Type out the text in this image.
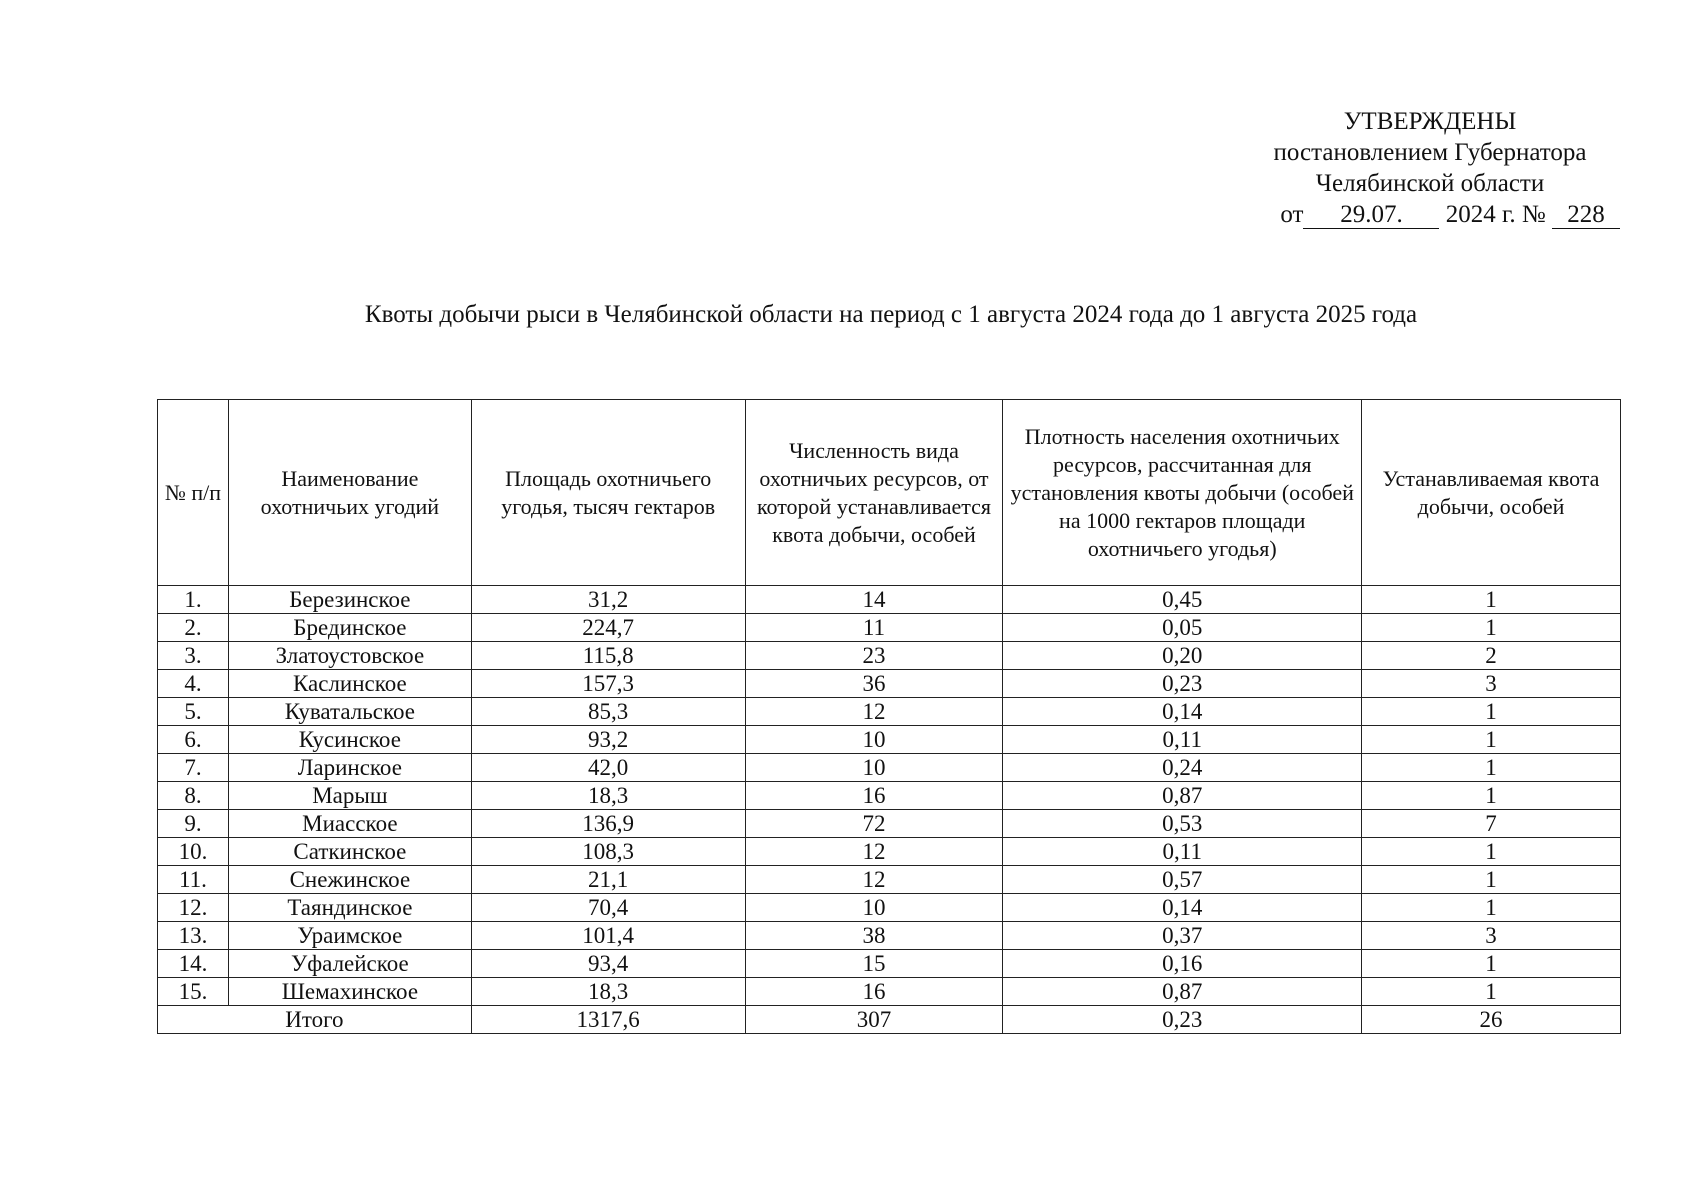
УТВЕРЖДЕНЫ
постановлением Губернатора
Челябинской области
от 29.07. 2024 г. № 228
Квоты добычи рыси в Челябинской области на период с 1 августа 2024 года до 1 августа 2025 года
№ п/п	Наименование охотничьих угодий	Площадь охотничьего угодья, тысяч гектаров	Численность вида охотничьих ресурсов, от которой устанавливается квота добычи, особей	Плотность населения охотничьих ресурсов, рассчитанная для установления квоты добычи (особей на 1000 гектаров площади охотничьего угодья)	Устанавливаемая квота добычи, особей
1.	Березинское	31,2	14	0,45	1
2.	Брединское	224,7	11	0,05	1
3.	Златоустовское	115,8	23	0,20	2
4.	Каслинское	157,3	36	0,23	3
5.	Куватальское	85,3	12	0,14	1
6.	Кусинское	93,2	10	0,11	1
7.	Ларинское	42,0	10	0,24	1
8.	Марыш	18,3	16	0,87	1
9.	Миасское	136,9	72	0,53	7
10.	Саткинское	108,3	12	0,11	1
11.	Снежинское	21,1	12	0,57	1
12.	Таяндинское	70,4	10	0,14	1
13.	Ураимское	101,4	38	0,37	3
14.	Уфалейское	93,4	15	0,16	1
15.	Шемахинское	18,3	16	0,87	1
Итого		1317,6	307	0,23	26
